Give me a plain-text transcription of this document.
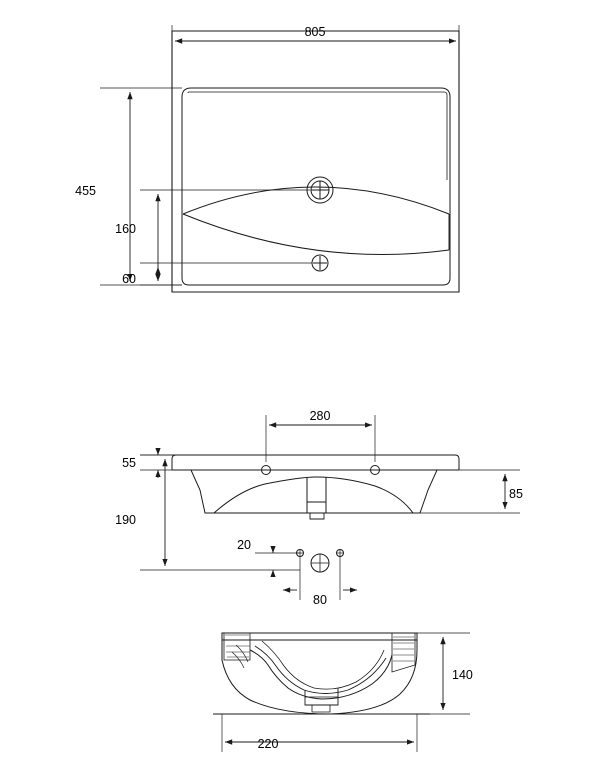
805
455
160
60
280
55
190
85
20
80
140
220
